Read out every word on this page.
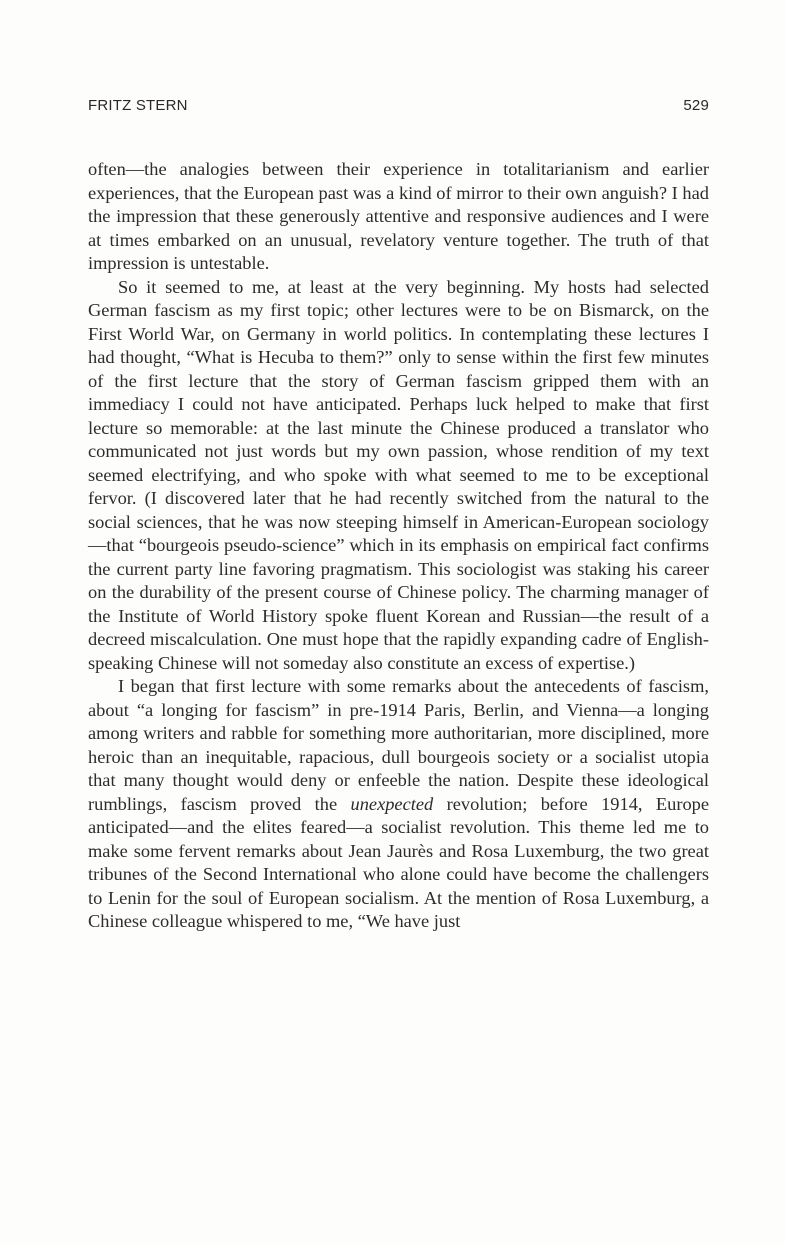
FRITZ STERN	529

often—the analogies between their experience in totalitarianism and earlier experiences, that the European past was a kind of mirror to their own anguish? I had the impression that these generously attentive and responsive audiences and I were at times embarked on an unusual, revelatory venture together. The truth of that impression is untestable.

So it seemed to me, at least at the very beginning. My hosts had selected German fascism as my first topic; other lectures were to be on Bismarck, on the First World War, on Germany in world politics. In contemplating these lectures I had thought, “What is Hecuba to them?” only to sense within the first few minutes of the first lecture that the story of German fascism gripped them with an immediacy I could not have anticipated. Perhaps luck helped to make that first lecture so memorable: at the last minute the Chinese produced a translator who communicated not just words but my own passion, whose rendition of my text seemed electrifying, and who spoke with what seemed to me to be exceptional fervor. (I discovered later that he had recently switched from the natural to the social sciences, that he was now steeping himself in American-European sociology—that “bourgeois pseudo-science” which in its emphasis on empirical fact confirms the current party line favoring pragmatism. This sociologist was staking his career on the durability of the present course of Chinese policy. The charming manager of the Institute of World History spoke fluent Korean and Russian—the result of a decreed miscalculation. One must hope that the rapidly expanding cadre of English-speaking Chinese will not someday also constitute an excess of expertise.)

I began that first lecture with some remarks about the antecedents of fascism, about “a longing for fascism” in pre-1914 Paris, Berlin, and Vienna—a longing among writers and rabble for something more authoritarian, more disciplined, more heroic than an inequitable, rapacious, dull bourgeois society or a socialist utopia that many thought would deny or enfeeble the nation. Despite these ideological rumblings, fascism proved the unexpected revolution; before 1914, Europe anticipated—and the elites feared—a socialist revolution. This theme led me to make some fervent remarks about Jean Jaurès and Rosa Luxemburg, the two great tribunes of the Second International who alone could have become the challengers to Lenin for the soul of European socialism. At the mention of Rosa Luxemburg, a Chinese colleague whispered to me, “We have just
